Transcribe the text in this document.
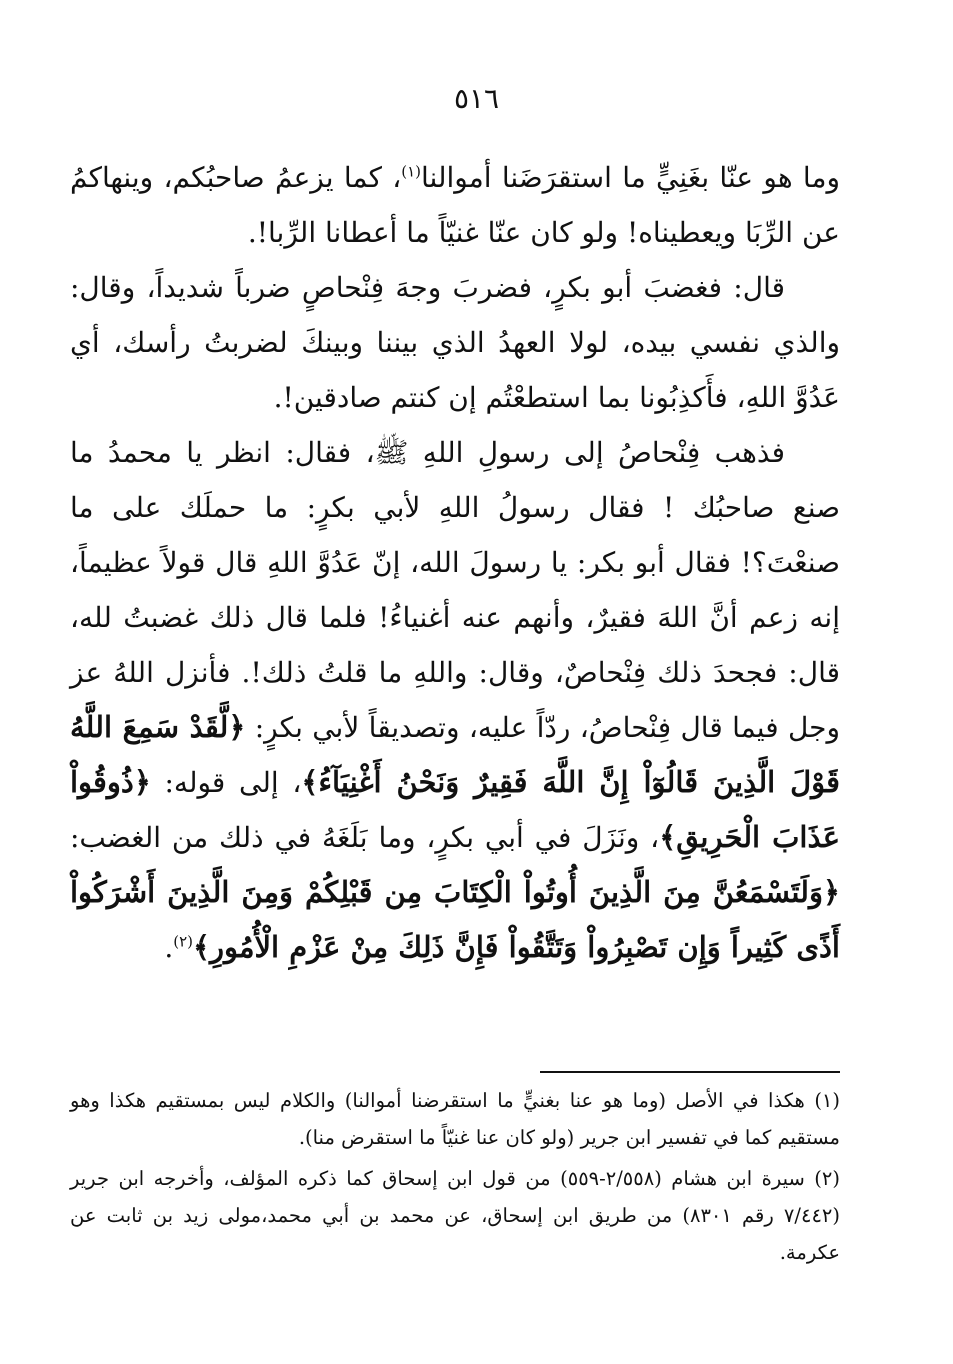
٥١٦

وما هو عنّا بغَنِيٍّ ما استقرَضَنا أموالنا$^{(١)}$، كما يزعمُ صاحبُكم، وينهاكمُ عن الرِّبَا ويعطيناه! ولو كان عنّا غنيّاً ما أعطانا الرِّبا!.

قال: فغضبَ أبو بكرٍ، فضربَ وجهَ فِنْحاصٍ ضرباً شديداً، وقال: والذي نفسي بيده، لولا العهدُ الذي بيننا وبينكَ لضربتُ رأسك، أي عَدُوَّ اللهِ، فأَكذِبُونا بما استطعْتُم إن كنتم صادقين!.

فذهب فِنْحاصُ إلى رسولِ اللهِ ﷺ، فقال: انظر يا محمدُ ما صنع صاحبُك ! فقال رسولُ اللهِ لأبي بكرٍ: ما حملَك على ما صنعْتَ؟! فقال أبو بكر: يا رسولَ الله، إنّ عَدُوَّ اللهِ قال قولاً عظيماً، إنه زعم أنَّ اللهَ فقيرٌ، وأنهم عنه أغنياءُ! فلما قال ذلك غضبتُ لله، قال: فجحدَ ذلك فِنْحاصٌ، وقال: واللهِ ما قلتُ ذلك!. فأنزل اللهُ عز وجل فيما قال فِنْحاصُ، ردّاً عليه، وتصديقاً لأبي بكرٍ: ﴿لَّقَدْ سَمِعَ اللَّهُ قَوْلَ الَّذِينَ قَالُوٓاْ إِنَّ اللَّهَ فَقِيرٌ وَنَحْنُ أَغْنِيَآءُ﴾، إلى قوله: ﴿ذُوقُواْ عَذَابَ الْحَرِيقِ﴾، ونَزَلَ في أبي بكرٍ، وما بَلَغَهُ في ذلك من الغضب: ﴿وَلَتَسْمَعُنَّ مِنَ الَّذِينَ أُوتُواْ الْكِتَابَ مِن قَبْلِكُمْ وَمِنَ الَّذِينَ أَشْرَكُواْ أَذًى كَثِيراً وَإِن تَصْبِرُواْ وَتَتَّقُواْ فَإِنَّ ذَلِكَ مِنْ عَزْمِ الْأُمُورِ﴾$^{(٢)}$.

(١) هكذا في الأصل (وما هو عنا بغنيٍّ ما استقرضنا أموالنا) والكلام ليس بمستقيم هكذا وهو مستقيم كما في تفسير ابن جرير (ولو كان عنا غنيّاً ما استقرض منا).

(٢) سيرة ابن هشام (٢/٥٥٨-٥٥٩) من قول ابن إسحاق كما ذكره المؤلف، وأخرجه ابن جرير (٧/٤٤٢ رقم ٨٣٠١) من طريق ابن إسحاق، عن محمد بن أبي محمد،مولى زيد بن ثابت عن عكرمة.
